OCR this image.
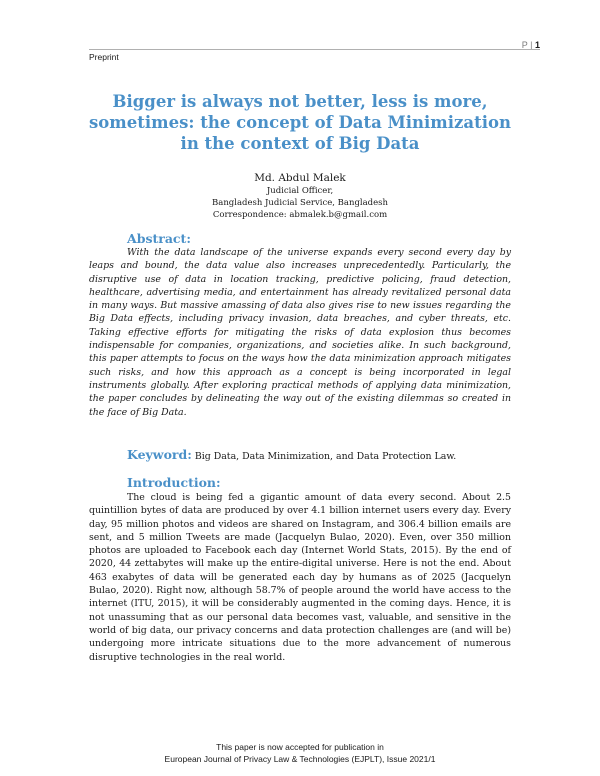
P | 1
Preprint
Bigger is always not better, less is more, sometimes: the concept of Data Minimization in the context of Big Data
Md. Abdul Malek
Judicial Officer,
Bangladesh Judicial Service, Bangladesh
Correspondence: abmalek.b@gmail.com
Abstract:

With the data landscape of the universe expands every second every day by leaps and bound, the data value also increases unprecedentedly. Particularly, the disruptive use of data in location tracking, predictive policing, fraud detection, healthcare, advertising media, and entertainment has already revitalized personal data in many ways. But massive amassing of data also gives rise to new issues regarding the Big Data effects, including privacy invasion, data breaches, and cyber threats, etc. Taking effective efforts for mitigating the risks of data explosion thus becomes indispensable for companies, organizations, and societies alike. In such background, this paper attempts to focus on the ways how the data minimization approach mitigates such risks, and how this approach as a concept is being incorporated in legal instruments globally. After exploring practical methods of applying data minimization, the paper concludes by delineating the way out of the existing dilemmas so created in the face of Big Data.

Keyword: Big Data, Data Minimization, and Data Protection Law.
Introduction:

The cloud is being fed a gigantic amount of data every second. About 2.5 quintillion bytes of data are produced by over 4.1 billion internet users every day. Every day, 95 million photos and videos are shared on Instagram, and 306.4 billion emails are sent, and 5 million Tweets are made (Jacquelyn Bulao, 2020). Even, over 350 million photos are uploaded to Facebook each day (Internet World Stats, 2015). By the end of 2020, 44 zettabytes will make up the entire-digital universe. Here is not the end. About 463 exabytes of data will be generated each day by humans as of 2025 (Jacquelyn Bulao, 2020). Right now, although 58.7% of people around the world have access to the internet (ITU, 2015), it will be considerably augmented in the coming days. Hence, it is not unassuming that as our personal data becomes vast, valuable, and sensitive in the world of big data, our privacy concerns and data protection challenges are (and will be) undergoing more intricate situations due to the more advancement of numerous disruptive technologies in the real world.

This paper is now accepted for publication in
European Journal of Privacy Law & Technologies (EJPLT), Issue 2021/1
